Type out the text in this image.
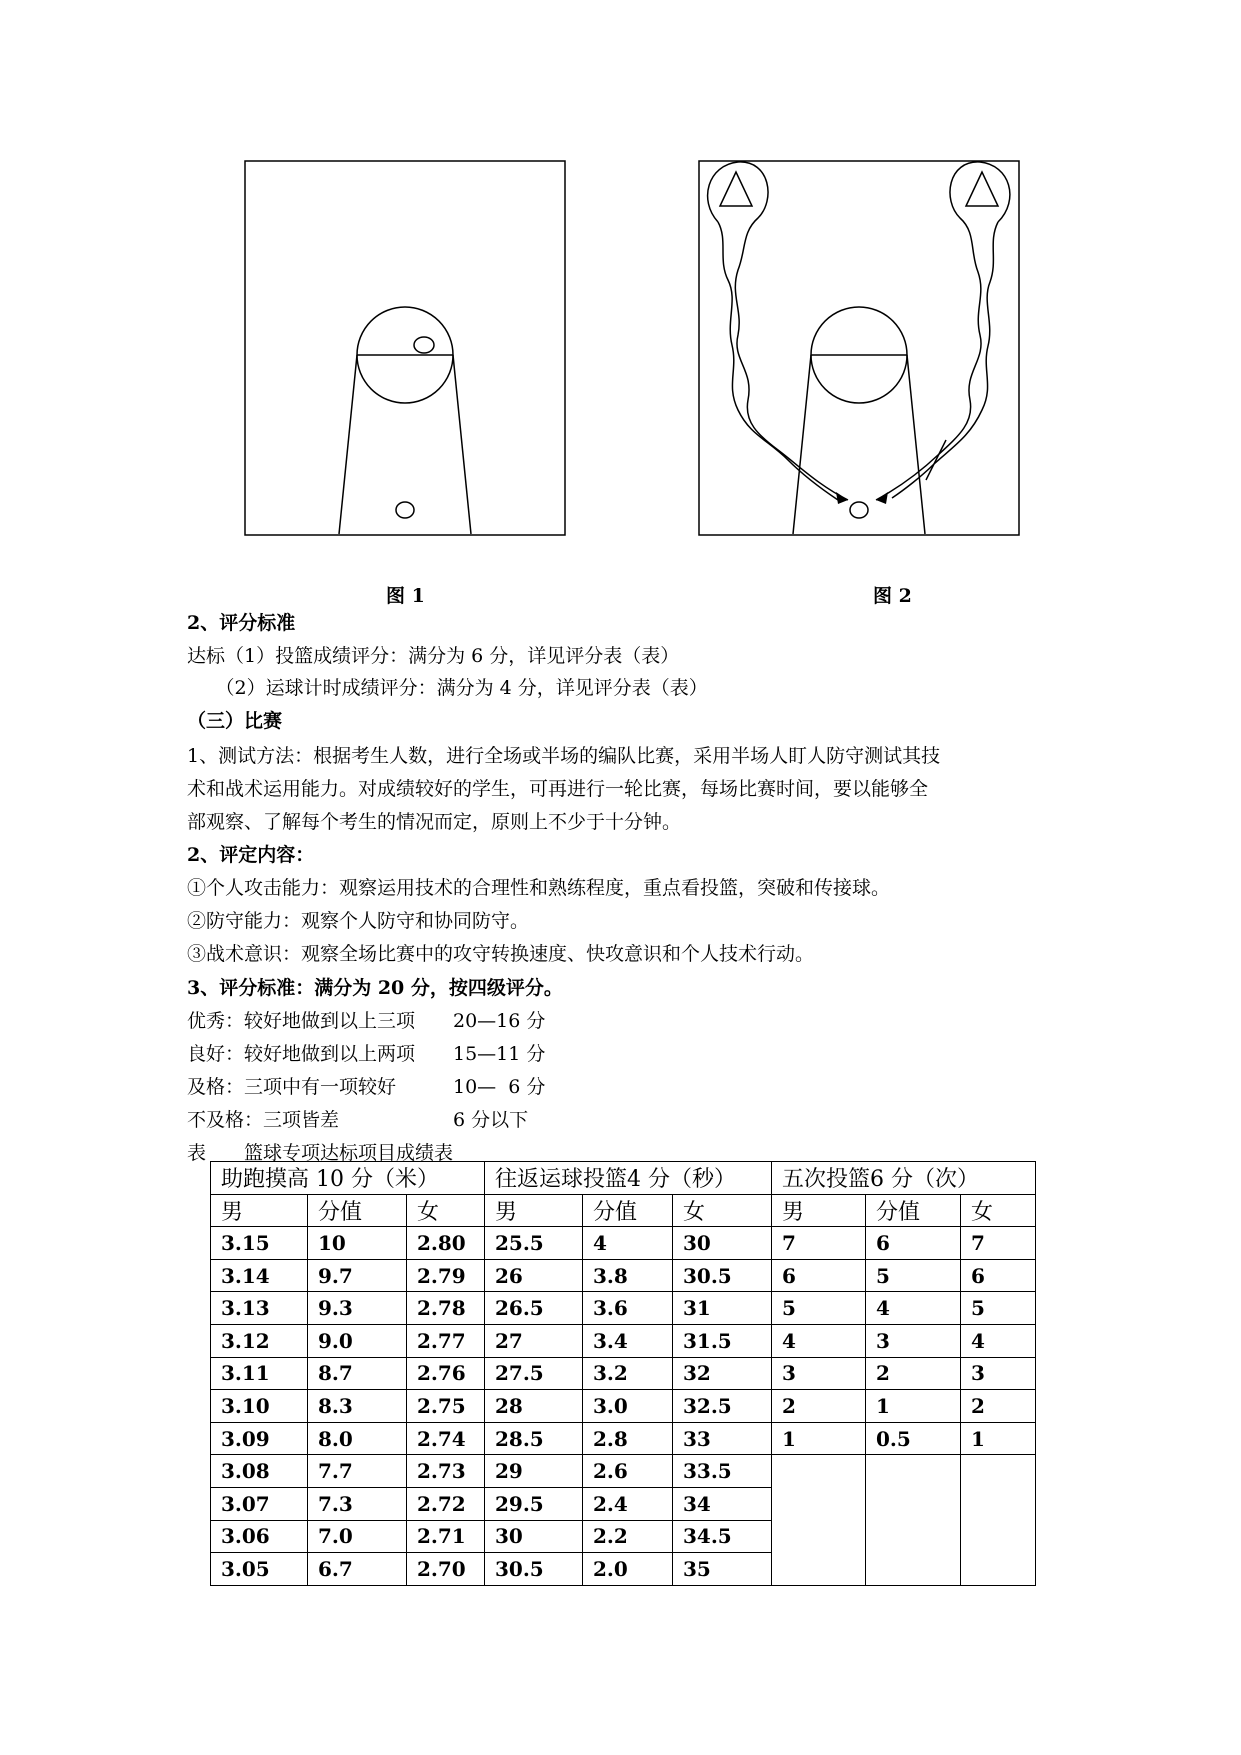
图 1	图 2
2、评分标准
达标（1）投篮成绩评分：满分为 6 分，详见评分表（表）
　　（2）运球计时成绩评分：满分为 4 分，详见评分表（表）
（三）比赛
1、测试方法：根据考生人数，进行全场或半场的编队比赛，采用半场人盯人防守测试其技
术和战术运用能力。对成绩较好的学生，可再进行一轮比赛，每场比赛时间，要以能够全
部观察、了解每个考生的情况而定，原则上不少于十分钟。
2、评定内容：
①个人攻击能力：观察运用技术的合理性和熟练程度，重点看投篮，突破和传接球。
②防守能力：观察个人防守和协同防守。
③战术意识：观察全场比赛中的攻守转换速度、快攻意识和个人技术行动。
3、评分标准：满分为 20 分，按四级评分。
优秀：较好地做到以上三项　　20—16 分
良好：较好地做到以上两项　　15—11 分
及格：三项中有一项较好　　　10—  6 分
不及格：三项皆差　　　　　　6 分以下
表　　篮球专项达标项目成绩表
助跑摸高 10 分（米）			往返运球投篮4 分（秒）			五次投篮6 分（次）		
男	分值	女	男	分值	女	男	分值	女
3.15	10	2.80	25.5	4	30	7	6	7
3.14	9.7	2.79	26	3.8	30.5	6	5	6
3.13	9.3	2.78	26.5	3.6	31	5	4	5
3.12	9.0	2.77	27	3.4	31.5	4	3	4
3.11	8.7	2.76	27.5	3.2	32	3	2	3
3.10	8.3	2.75	28	3.0	32.5	2	1	2
3.09	8.0	2.74	28.5	2.8	33	1	0.5	1
3.08	7.7	2.73	29	2.6	33.5			
3.07	7.3	2.72	29.5	2.4	34			
3.06	7.0	2.71	30	2.2	34.5			
3.05	6.7	2.70	30.5	2.0	35			
